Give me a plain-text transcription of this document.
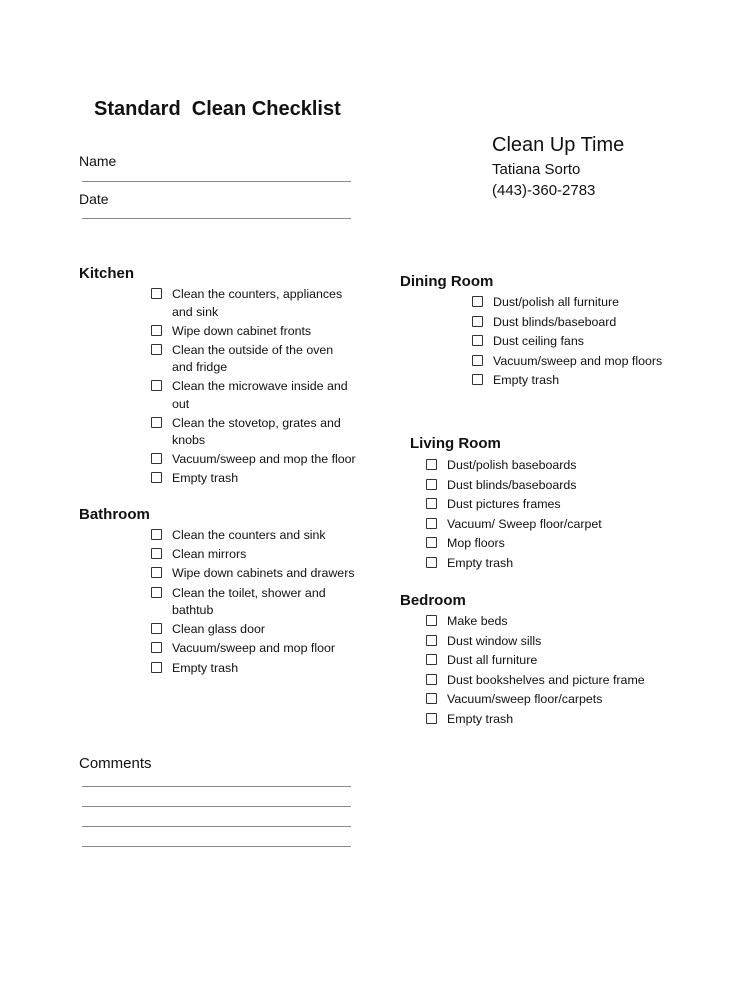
Standard  Clean Checklist
Name
Date
Clean Up Time
Tatiana Sorto
(443)-360-2783
Kitchen
Clean the counters, appliances and sink
Wipe down cabinet fronts
Clean the outside of the oven and fridge
Clean the microwave inside and out
Clean the stovetop, grates and knobs
Vacuum/sweep and mop the floor
Empty trash
Bathroom
Clean the counters and sink
Clean mirrors
Wipe down cabinets and drawers
Clean the toilet, shower and bathtub
Clean glass door
Vacuum/sweep and mop floor
Empty trash
Dining Room
Dust/polish all furniture
Dust blinds/baseboard
Dust ceiling fans
Vacuum/sweep and mop floors
Empty trash
Living Room
Dust/polish baseboards
Dust blinds/baseboards
Dust pictures frames
Vacuum/ Sweep floor/carpet
Mop floors
Empty trash
Bedroom
Make beds
Dust window sills
Dust all furniture
Dust bookshelves and picture frame
Vacuum/sweep floor/carpets
Empty trash
Comments
